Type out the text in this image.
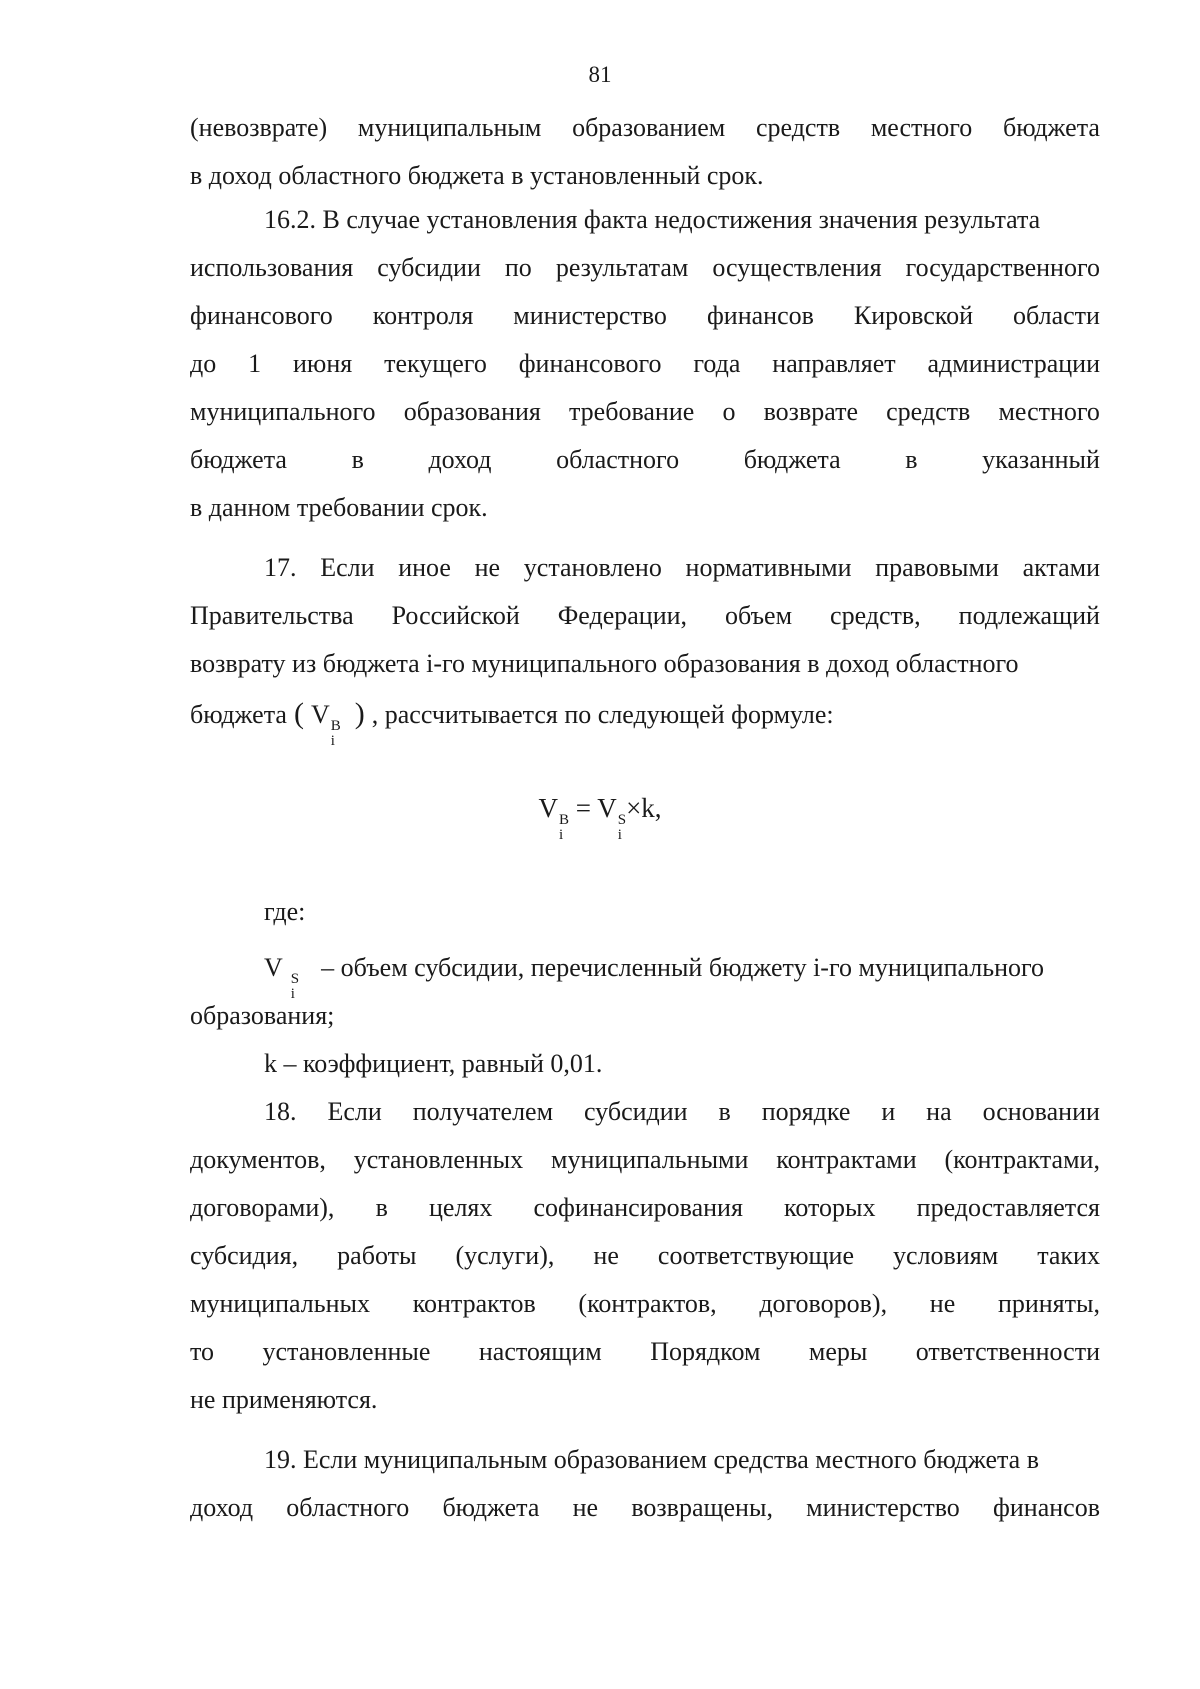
81
(невозврате) муниципальным образованием средств местного бюджета
в доход областного бюджета в установленный срок.
16.2. В случае установления факта недостижения значения результата
использования субсидии по результатам осуществления государственного
финансового контроля министерство финансов Кировской области
до 1 июня текущего финансового года направляет администрации
муниципального образования требование о возврате средств местного
бюджета в доход областного бюджета в указанный
в данном требовании срок.
17. Если иное не установлено нормативными правовыми актами
Правительства Российской Федерации, объем средств, подлежащий
возврату из бюджета i-го муниципального образования в доход областного
бюджета ( V В
i
) , рассчитывается по следующей формуле:
V В
i
= V S
i
×k,
где:
V S
i
– объем субсидии, перечисленный бюджету i-го муниципального
образования;
k – коэффициент, равный 0,01.
18. Если получателем субсидии в порядке и на основании
документов, установленных муниципальными контрактами (контрактами,
договорами), в целях софинансирования которых предоставляется
субсидия, работы (услуги), не соответствующие условиям таких
муниципальных контрактов (контрактов, договоров), не приняты,
то установленные настоящим Порядком меры ответственности
не применяются.
19. Если муниципальным образованием средства местного бюджета в
доход областного бюджета не возвращены, министерство финансов
